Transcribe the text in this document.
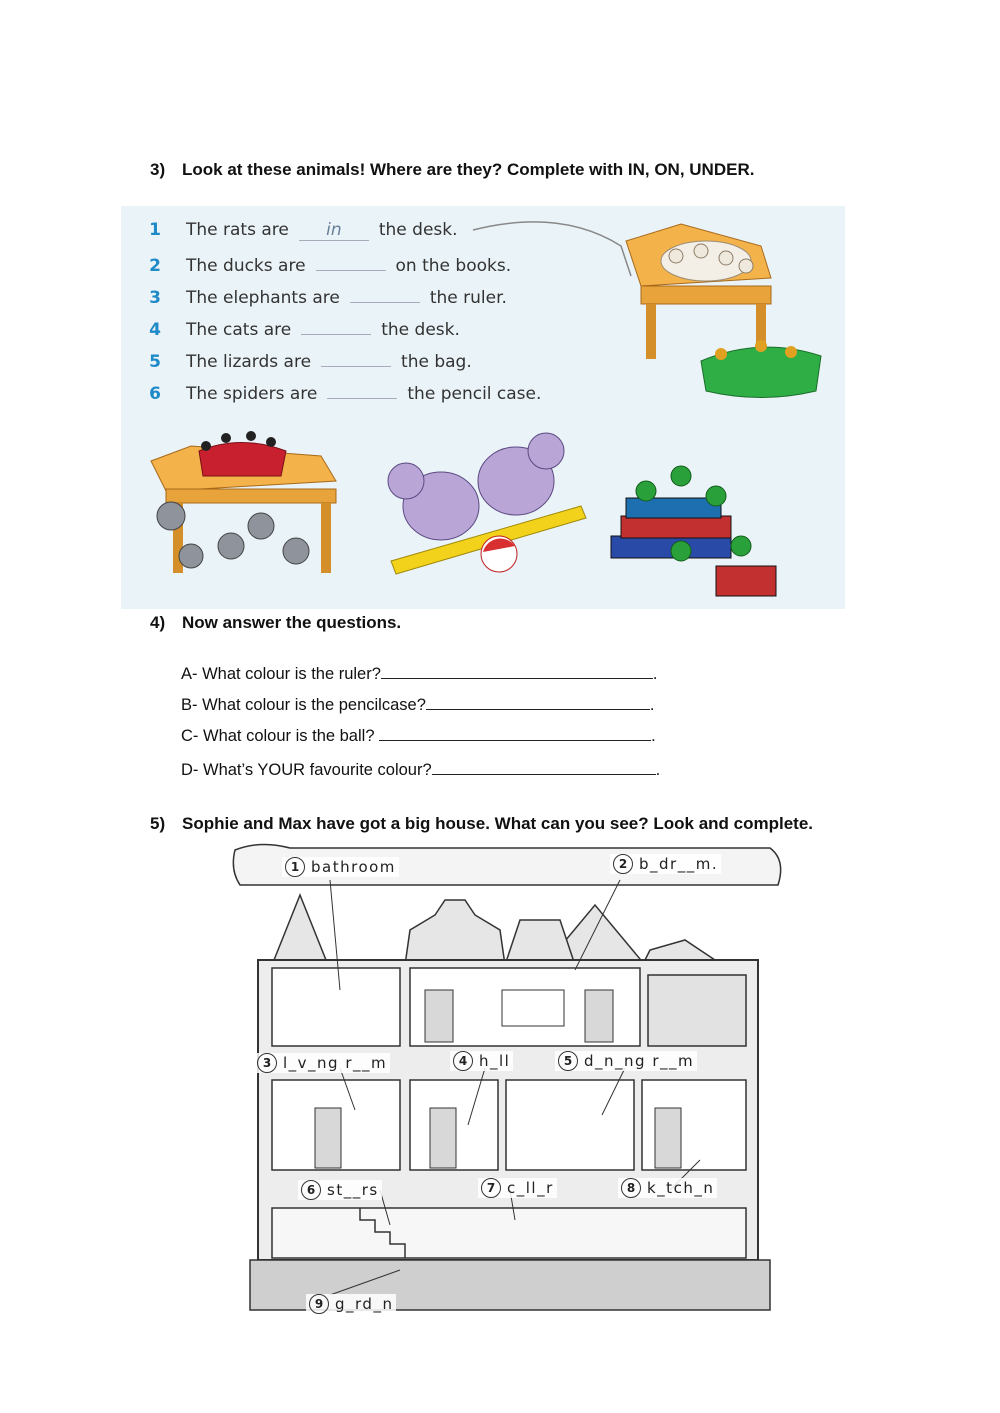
3) Look at these animals! Where are they? Complete with IN, ON, UNDER.
1	The rats are	in	the desk.
2	The ducks are	on the books.
3	The elephants are	the ruler.
4	The cats are	the desk.
5	The lizards are	the bag.
6	The spiders are	the pencil case.
4) Now answer the questions.
A- What colour is the ruler?	.
B- What colour is the pencilcase?	.
C- What colour is the ball?	.
D- What’s YOUR favourite colour?	.
5) Sophie and Max have got a big house. What can you see? Look and complete.
1 bathroom	2 b_dr__m.
3 l_v_ng r__m	4 h_ll	5 d_n_ng r__m
6 st__rs	7 c_ll_r	8 k_tch_n
9 g_rd_n
